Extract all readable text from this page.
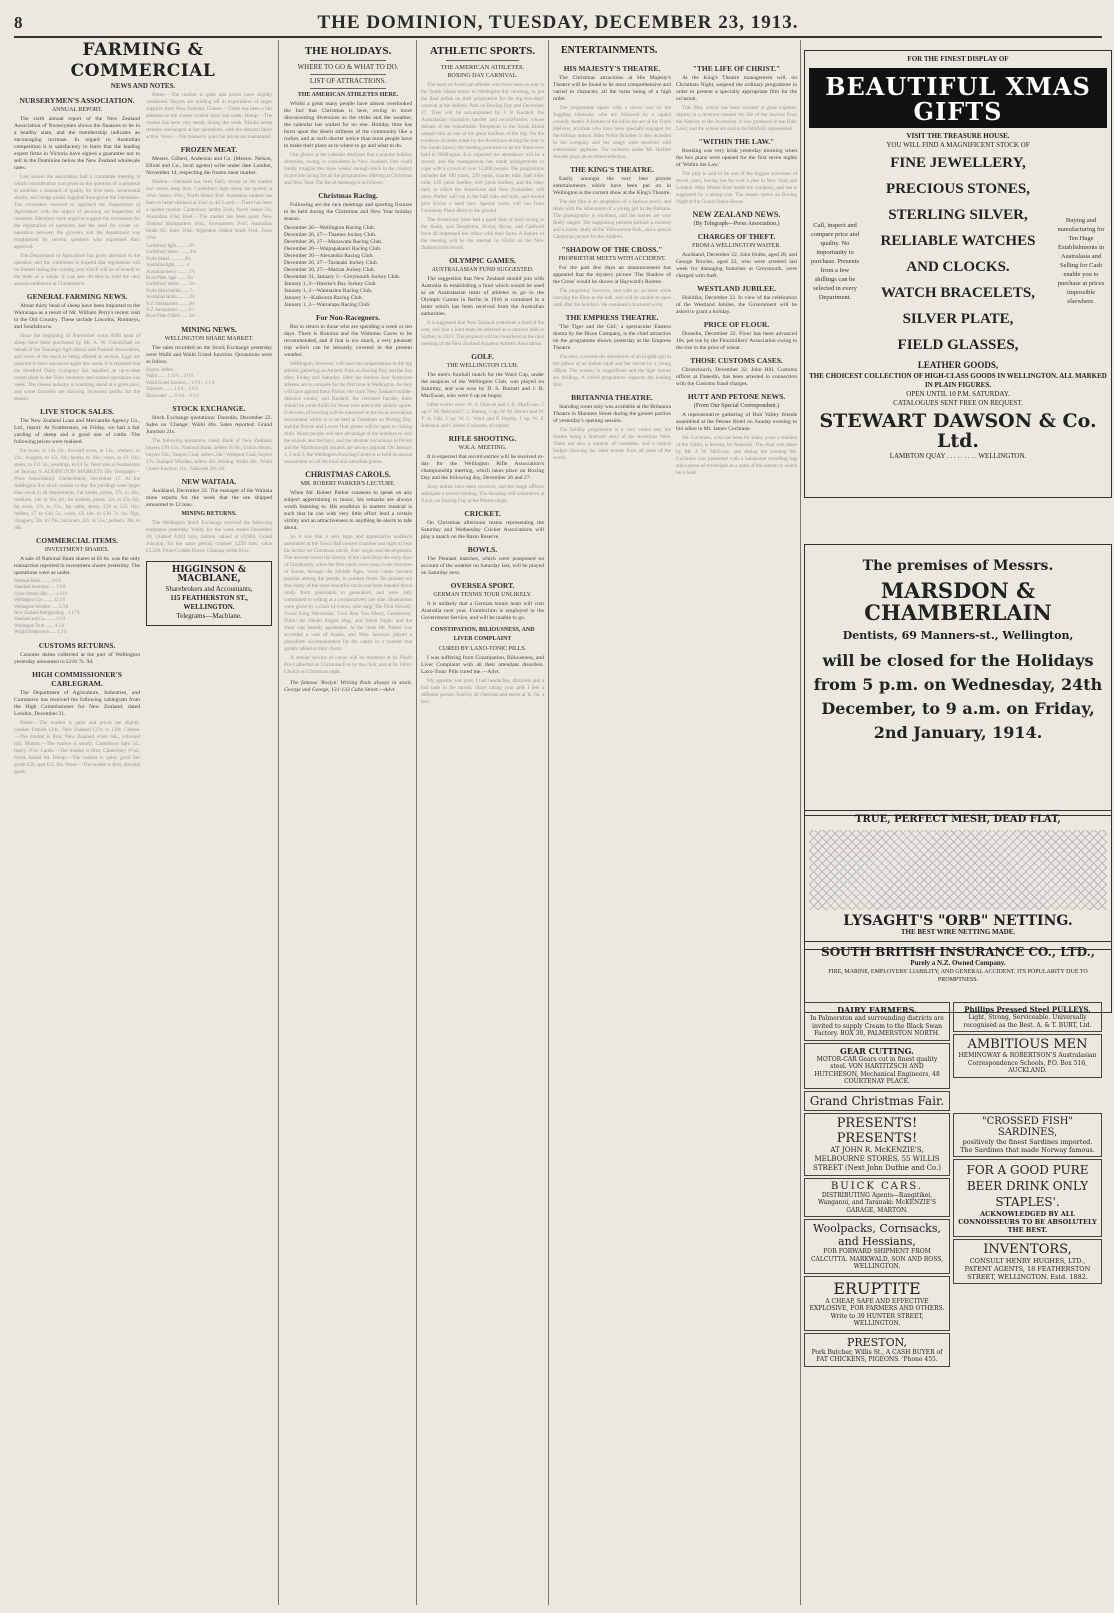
8	THE DOMINION, TUESDAY, DECEMBER 23, 1913.
FARMING & COMMERCIAL
NEWS AND NOTES.
NURSERYMEN'S ASSOCIATION.
ANNUAL REPORT.

The sixth annual report of the New Zealand Association of Nurserymen shows the finances to be in a healthy state, and the membership indicates an encouraging increase. In regard to Australian competition it is satisfactory to learn that the leading expert firms in Victoria have signed a guarantee not to sell in the Dominion below the New Zealand wholesale rates.

Last season the association had a committee meeting at which consideration was given to the question of a proposal to establish a standard of quality for fruit trees, ornamental shrubs, and hedge plants supplied throughout the Dominion. The committee resolved to approach the Department of Agriculture with the object of securing an inspection of nurseries. Members were urged to support the movement for the registration of nurseries, and the need for closer co-operation between the growers and the department was emphasised by several speakers who expressed their approval.

The Department of Agriculture has given attention to the question, and the committee is hopeful that regulations will be framed during the coming year which will be of benefit to the trade as a whole. It was also decided to hold the next annual conference at Christchurch.

GENERAL FARMING NEWS.

About thirty head of sheep have been imported to the Wairarapa as a result of Mr. William Perry's recent visit to the Old Country. These include Lincolns, Romneys, and Southdowns.

Since the beginning of September some 6000 head of sheep have been purchased by Mr. A. W. Carmichael on behalf of the Tauranga Agricultural and Pastoral Association, and some of the stock is being offered at auction. Eggs are reported to have advanced again this week. It is reported that the Stratford Dairy Company has installed an up-to-date cream plant in the Toko creamery and started operations last week. The cheese industry is booming ahead at a great pace, and some factories are showing increased profits for the season.

LIVE STOCK SALES.

The New Zealand Loan and Mercantile Agency Co., Ltd., report: At Featherston, on Friday, we had a fair yarding of sheep and a good one of cattle. The following prices were realised.

Fat ewes, to 14s. 6d.; forward ewes, to 12s.; wethers, to 21s.; hoggets, to 15s. 6d.; lambs, to 16s.; cows, to £9 10s.; steers, to £11 5s.; yearlings, to £4 5s. Next sale at Featherston on January 9. ADDINGTON MARKETS (By Telegraph—Press Association). Christchurch, December 17. At the Addington live stock market to-day the yardings were larger than usual in all departments. Fat lambs, prime, 17s. to 20s.; medium, 14s. to 16s. 6d.; fat wethers, prime, 22s. to 25s. 6d.; fat ewes, 17s. to 23s.; fat cattle, steers, £10 to £15 10s.; heifers, £7 to £10 5s.; cows, £6 10s. to £10 7s. 6d. Pigs, choppers, 50s. to 70s.; baconers, 42s. to 55s.; porkers, 30s. to 38s.

COMMERCIAL ITEMS.
INVESTMENT SHARES.

A sale of National Bank shares at £6 6s. was the only transaction reported in investment shares yesterday. The quotations were as under.

National Bank ......... 6 6 0
Standard Insurance ..... 2 0 0
Union Steam Ship ...... 1 13 6
Wellington Gas ......... 12 2 0
Wellington Woollen ...... 5 0 0
New Zealand Refrigerating .. 1 17 0
Sharland and Co. ........ 1 0 0
Wellington Trust ........ 4 5 0
Wright Stephenson ...... 1 2 0
CUSTOMS RETURNS.

Customs duties collected at the port of Wellington yesterday amounted to £210 7s. 9d.

HIGH COMMISSIONER'S CABLEGRAM.

The Department of Agriculture, Industries, and Commerce has received the following cablegram from the High Commissioner for New Zealand, dated London, December 21.

Butter.—The market is quiet and prices are slightly weaker. Danish 134s., New Zealand 127s. to 128s. Cheese.—The market is firm; New Zealand white 64s., coloured 63s. Mutton.—The market is steady; Canterbury light 5d., heavy 4½d. Lamb.—The market is firm; Canterbury 6½d.; North Island 6d. Hemp.—The market is quiet; good fair grade £26, spot £25 10s. Wool.—The market is firm, demand good.

Butter.—The market is quiet and prices have slightly weakened. Buyers are holding off in expectation of larger supplies from New Zealand. Cheese.—There has been a fair attention to the cheese market since last week. Hemp.—The market has been very steady during the week. Manila hemp remains unchanged at last quotations, with the demand fairly active. Wool.—The market is quiet but prices are maintained.

FROZEN MEAT.

Messrs. Gilbert, Anderson and Co. (Messrs. Nelson, Elliott and Co., local agents) write under date London, November 14, respecting the frozen meat market.

Mutton.—Demand has been fairly steady in the market and values keep firm. Canterbury light sheep are quoted at 4⅝d.; heavy 4⅜d.; North Island 4⅛d. Australian mutton has been in better demand at 3¾d. to 4d. Lamb.—There has been a quieter market. Canterbury lambs 5¼d.; North Island 5d.; Australian 4⅞d. Beef.—The market has been quiet; New Zealand hindquarters 4⅛d., forequarters 3½d.; Australian hinds 4d., fores 3⅜d.; Argentine chilled hinds 4¾d., fores 3⅝d.

Canterbury light .......... 4⅝
Canterbury heavy ......... 4⅜
North Island ............. 4⅛
Australian light .......... 4
Australian heavy ......... 3⅞
River Plate, light ........ 3¾
Canterbury lambs ........ 5¼
North Island lambs ....... 5
Australian lambs ......... 4⅞
N.Z. hindquarters ........ 4⅛
N.Z. forequarters ........ 3½
River Plate chilled ....... 4¾
MINING NEWS.
WELLINGTON SHARE MARKET.

The sales recorded on the Stock Exchange yesterday were Waihi and Waihi Grand Junction. Quotations were as follow.

Buyers. Sellers.
Waihi ........ 1 19 0 ... 2 0 6
Waihi Grand Junction ... 1 0 9 ... 1 1 6
Talisman ......... 1 8 0 ... 1 9 0
Blackwater ...... 0 4 0 ... 0 5 0
STOCK EXCHANGE.

Stock Exchange quotations: Dunedin, December 22. Sales on 'Change: Waihi 40s. Sales reported: Grand Junction 21s.

The following quotations ruled: Bank of New Zealand, buyers £10 15s.; National Bank, sellers £6 8s.; Union Steam, buyers 33s.; Taupiri Coal, sellers 24s.; Westport Coal, buyers 17s.; Kaiapoi Woollen, sellers 40s. Mining: Waihi 40s., Waihi Grand Junction 21s., Talisman 28s. 6d.

NEW WAITAIA.

Auckland, December 22. The manager of the Waitaia mine reports for the week that the ore shipped amounted to 12 tons.

MINING RETURNS.

The Wellington Stock Exchange received the following telegrams yesterday: Waihi, for the week ended December 20, crushed 4,041 tons, bullion valued at £9,960. Grand Junction, for the same period, crushed 3,220 tons, value £5,200. From Golden Dawn: Cleanup yields 81oz.

HIGGINSON & MACBLANE,
Sharebrokers and Accountants,
115 FEATHERSTON ST., WELLINGTON.
Telegrams—Macblane.
THE HOLIDAYS.
WHERE TO GO & WHAT TO DO.
LIST OF ATTRACTIONS.
THE AMERICAN ATHLETES HERE.

Whilst a great many people have almost overlooked the fact that Christmas is here, owing to more disconcerting diversions as the strike and the weather, the calendar has waited for no one. Holiday time has burst upon the desert stillness of the community like a rocket, and at such shorter notice than most people have to make their plans as to where to go and what to do.

One glance at the calendar discloses that a popular holiday diversion, racing, is considered in New Zealand. One could hardly imagine this three weeks' enough stock in the country to provide racing for all the programmes offering at Christmas and New Year. The list of meetings is as follows:

Christmas Racing.

Following are the race meetings and sporting fixtures to be held during the Christmas and New Year holiday season.

December 26—Wellington Racing Club.
December 26, 27—Thames Jockey Club.
December 26, 27—Manawatu Racing Club.
December 26—Waipapakauri Racing Club.
December 26—Alexandra Racing Club.
December 26, 27—Taranaki Jockey Club.
December 26, 27—Marton Jockey Club.
December 31, January 1—Greymouth Jockey Club.
January 1, 2—Hawke's Bay Jockey Club.
January 1, 2—Waimarino Racing Club.
January 1—Kaikoura Racing Club.
January 1, 2—Wairarapa Racing Club.
For Non-Racegoers.

But to return to those who are spending a week or ten days. There is Rotorua and the Waitomo Caves to be recommended, and if that is too much, a very pleasant trip which can be leisurely covered in the present weather.

Wellington, however, will have its compensation in the big athletic gathering on Athletic Park on Boxing Day and the day after, Friday and Saturday. Here the famous four American athletes are to compete for the first time in Wellington. As they will have against them Parker, the crack New Zealand middle-distance runner, and Keddell, the cleverest hurdler, there should be some thrills for those who attend the athletic sports. Followers of bowling will be interested in the local association tournament which is to be held at Trentham on Boxing Day, and the Petone and Lower Hutt greens will be open to visiting rinks. Many people will take advantage of the holidays to visit the sounds and the bays, and the steamer excursions to Picton and the Marlborough Sounds are always popular. On January 1, 2 and 3, the Wellington Bowling Centre is to hold its annual tournament on all the local and suburban greens.

CHRISTMAS CAROLS.
MR. ROBERT PARKER'S LECTURE.

When Mr. Robert Parker consents to speak on any subject appertaining to music, his remarks are always worth listening to. His erudition in matters musical is such that he can with very little effort lend a certain virility and an attractiveness to anything he elects to talk about.

So it was that a very large and appreciative audience assembled at the Town Hall concert chamber last night to hear his lecture on Christmas carols, their origin and development. The lecturer traced the history of the carol from the early days of Christianity, when the first carols were sung in the churches of Rome, through the Middle Ages, when carols became popular among the people, to modern times. He pointed out that many of the most beautiful carols had been handed down orally from generation to generation, and were only committed to writing at a comparatively late date. Illustrations were given by a choir of voices, who sang 'The First Nowell,' 'Good King Wenceslas,' 'God Rest You Merry, Gentlemen,' 'Hark! the Herald Angels Sing,' and 'Silent Night,' and the choir was heartily applauded. At the close Mr. Parker was accorded a vote of thanks, and Miss Jameson played a pianoforte accompaniment for the carols in a manner that greatly added to their charm.

A similar service of carols will be rendered at St. Paul's Pro-Cathedral on Christmas Eve by the choir, and at St. John's Church on Christmas night.

The famous 'Roslyn' Writing Pads always in stock. George and George, 131-133 Cuba Street.—Advt.

ATHLETIC SPORTS.
THE AMERICAN ATHLETES.
BOXING DAY CARNIVAL.

The team of American athletes who have been on tour in the South Island return to Wellington this morning, to put the final polish on their preparation for the big two-days' carnival at the Athletic Park on Boxing Day and December 27. They will be accompanied by J. P. Keddell, the Australasian champion hurdler and record-holder, whose defeats of the redoubtable Templeton in the South Island sample him as one of the great hurdlers of the day. On the evidence of times made by the Americans during the tour in the South Island, the meeting promises to be the finest ever held in Wellington. It is expected the attendance will be a record, and the management has made arrangements to cope with a crowd of over 12,000 people. The programme includes the 100 yards, 220 yards, quarter mile, half mile, mile, 120 yards hurdles, 440 yards hurdles, and the relay race, in which the Americans and New Zealanders will meet. Parker will run in the half mile and mile, and should give Kiviat a hard race. Special trams will run from Courtenay Place direct to the ground.

The Americans have had a good deal of hard racing in the South, and Templeton, Kiviat, Berna, and Caldwell have all impressed the critics with their form. A feature of the meeting will be the attempt by Kiviat on the New Zealand mile record.

OLYMPIC GAMES.
AUSTRALASIAN FUND SUGGESTED.

The suggestion that New Zealand should join with Australia in establishing a fund which would be used as an Australasian team of athletes to go to the Olympic Games in Berlin in 1916 is contained in a letter which has been received from the Australian authorities.

It is suggested that New Zealand contribute a third of the cost, and that a joint team be selected at a carnival held in Sydney in 1915. The proposal will be considered at the next meeting of the New Zealand Amateur Athletic Association.

GOLF.
THE WELLINGTON CLUB.

The men's fourball match for the Ward Cup, under the auspices of the Wellington Club, was played on Saturday, and was won by D. S. Burnett and J. B. MacEwan, who were 6 up on bogey.

Other scores were: W. S. Duncan and J. B. MacEwan, 5 up; F. M. Reid and C. J. Rattray, 3 up; W. M. Hector and W. T. A. Gill, 2 up; W. C. Ward and P. Bayley, 1 up; W. F. Johnston and Colonel Cochrane, all square.

RIFLE SHOOTING.
W.R.A. MEETING.

It is expected that record entries will be received to-day for the Wellington Rifle Association's championship meeting, which takes place on Boxing Day and the following day, December 26 and 27.

Sixty entries have been received, and the range officers anticipate a record meeting. The shooting will commence at 9 a.m. on Boxing Day at the Petone range.

CRICKET.

On Christmas afternoon teams representing the Saturday and Wednesday Cricket Associations will play a match on the Basin Reserve.

BOWLS.

The Pennant matches, which were postponed on account of the weather on Saturday last, will be played on Saturday next.

OVERSEA SPORT.
GERMAN TENNIS TOUR UNLIKELY.

It is unlikely that a German tennis team will visit Australia next year. Frontiechim is employed in the Government Service, and will be unable to go.

CONSTIPATION, BILIOUSNESS, AND LIVER COMPLAINT
CURED BY LAXO-TONIC PILLS.

I was suffering from Constipation, Biliousness, and Liver Complaint with all their attendant disorders. Laxo-Tonic Pills cured me.—Advt.

My appetite was poor, I had headaches, dizziness and a bad taste in the mouth. Since taking your pills I feel a different person. Sold by all chemists and stores at 1s. 6d. a box.

ENTERTAINMENTS.
HIS MAJESTY'S THEATRE.

The Christmas attractions at His Majesty's Theatre will be found to be most comprehensive and varied in character, all the turns being of a high order.

The programme opens with a clever turn by the Juggling Johnsons, who are followed by a capital comedy sketch. A feature of the bill is the act of the Three Melvins, acrobats who have been specially engaged for the holiday season. Miss Nellie Bramley is also included in the company and her songs were received with enthusiastic applause. The orchestra under Mr. Herbert Bourke plays an excellent selection.

THE KING'S THEATRE.

Easily amongst the very best picture entertainments which have been put on in Wellington is the current show at the King's Theatre.

The star film is an adaptation of a famous novel, and deals with the adventures of a young girl in the Balkans. The photography is excellent, and the scenes are very finely staged. The supporting pictures include a comedy and a scenic study of the Yellowstone Park, and a special Christmas picture for the children.

"SHADOW OF THE CROSS."
PROPRIETOR MEETS WITH ACCIDENT.

For the past few days an announcement has appeared that the mystery picture 'The Shadow of the Cross' would be shown at Hayward's Rooms.

The proprietor, however, met with an accident while carrying the films to the hall, and will be unable to open until after the holidays. He sustained a fractured wrist.

THE EMPRESS THEATRE.

'The Tiger and the Girl,' a spectacular Eastern drama by the Bison Company, is the chief attraction on the programme shown yesterday at the Empress Theatre.

The story concerns the adventures of an English girl in the palace of an Indian rajah and her rescue by a young officer. The scenery is magnificent and the tiger scenes are thrilling. A varied programme supports the leading film.

BRITANNIA THEATRE.

Standing room only was available at the Britannia Theatre in Manners Street during the greater portion of yesterday's opening session.

The holiday programme is a very varied one, the feature being a dramatic story of the American West. There are also a number of comedies, and a topical budget showing the latest events from all parts of the world.

"THE LIFE OF CHRIST."

At the King's Theatre management will, on Christmas Night, suspend the ordinary programme in order to present a specially appropriate film for the occasion.

This film, which has been secured at great expense, depicts in a reverent manner the life of the Saviour from the Nativity to the Ascension. It was produced in the Holy Land, and the scenes are said to be faithfully represented.

"WITHIN THE LAW."

Booking was very brisk yesterday morning when the box plans were opened for the first seven nights of 'Within the Law.'

The play is said to be one of the biggest successes of recent years, having run for over a year in New York and London. Miss Muriel Starr heads the company, and she is supported by a strong cast. The season opens on Boxing Night at the Grand Opera House.

NEW ZEALAND NEWS.
(By Telegraph—Press Association.)
CHARGES OF THEFT.
FROM A WELLINGTON WAITER.

Auckland, December 22. John Hulbs, aged 28, and George Bowles, aged 22, who were arrested last week for damaging branches at Greymouth, were charged with theft.

WESTLAND JUBILEE.

Hokitika, December 22. In view of the celebration of the Westland Jubilee, the Government will be asked to grant a holiday.

PRICE OF FLOUR.

Dunedin, December 22. Flour has been advanced 10s. per ton by the Flourmillers' Association owing to the rise in the price of wheat.

THOSE CUSTOMS CASES.

Christchurch, December 22. John Hill, Customs officer at Dunedin, has been arrested in connection with the Customs fraud charges.

HUTT AND PETONE NEWS.
(From Our Special Correspondent.)

A representative gathering of Hutt Valley friends assembled at the Petone Hotel on Sunday evening to bid adieu to Mr. James Cochrane.

Mr. Cochrane, who has been for many years a resident of the Valley, is leaving for Australia. The chair was taken by Mr. J. W. McEwan, and during the evening Mr. Cochrane was presented with a handsome travelling bag and a purse of sovereigns as a mark of the esteem in which he is held.

FOR THE FINEST DISPLAY OF
BEAUTIFUL XMAS GIFTS
VISIT THE TREASURE HOUSE.
YOU WILL FIND A MAGNIFICENT STOCK OF
Call, inspect and compare price and quality. No importunity to purchase. Presents from a few shillings can be selected in every Department.
FINE JEWELLERY,
PRECIOUS STONES,
STERLING SILVER,
RELIABLE WATCHES
AND CLOCKS.
WATCH BRACELETS,
SILVER PLATE,
FIELD GLASSES,
LEATHER GOODS,
Buying and manufacturing for Ten Huge Establishments in Australasia and Selling for Cash enable you to purchase at prices impossible elsewhere.
THE CHOICEST COLLECTION OF HIGH-CLASS GOODS IN WELLINGTON. ALL MARKED IN PLAIN FIGURES.
OPEN UNTIL 10 P.M. SATURDAY.
CATALOGUES SENT FREE ON REQUEST.
STEWART DAWSON & Co. Ltd.
LAMBTON QUAY . . . . . . . . . WELLINGTON.
The premises of Messrs.
MARSDON & CHAMBERLAIN
Dentists, 69 Manners-st., Wellington,
will be closed for the Holidays
from 5 p.m. on Wednesday, 24th
December, to 9 a.m. on Friday,
2nd January, 1914.
TRUE, PERFECT MESH, DEAD FLAT,
LYSAGHT'S "ORB" NETTING.
THE BEST WIRE NETTING MADE.
SOUTH BRITISH INSURANCE CO., LTD.,
Purely a N.Z. Owned Company.
FIRE, MARINE, EMPLOYERS' LIABILITY, AND GENERAL ACCIDENT. ITS POPULARITY DUE TO PROMPTNESS.
DAIRY FARMERS.
In Palmerston and surrounding districts are invited to supply Cream to the Black Swan Factory. BOX 30, PALMERSTON NORTH.
GEAR CUTTING.
MOTOR-CAR Gears cut in finest quality steel. VON HARTITZSCH AND HUTCHESON, Mechanical Engineers, 48 COURTENAY PLACE.
Grand Christmas Fair.
Phillips Pressed Steel PULLEYS.
Light, Strong, Serviceable. Universally recognised as the Best. A. & T. BURT, Ltd.
AMBITIOUS MEN
HEMINGWAY & ROBERTSON'S Australasian Correspondence Schools, P.O. Box 516, AUCKLAND.
PRESENTS! PRESENTS!
AT JOHN R. McKENZIE'S, MELBOURNE STORES, 55 WILLIS STREET (Next John Duthie and Co.)
BUICK CARS.
DISTRIBUTING Agents—Rangitikei, Wanganui, and Taranaki: McKENZIE'S GARAGE, MARTON.
Woolpacks, Cornsacks, and Hessians,
FOR FORWARD SHIPMENT FROM CALCUTTA. MARKWALD, SON AND ROSS, WELLINGTON.
ERUPTITE
A CHEAP, SAFE AND EFFECTIVE EXPLOSIVE, FOR FARMERS AND OTHERS. Write to 39 HUNTER STREET, WELLINGTON.
PRESTON,
Pork Butcher, Willis St., A CASH BUYER of FAT CHICKENS, PIGEONS. 'Phone 455.
"CROSSED FISH" SARDINES,
positively the finest Sardines imported. The Sardines that made Norway famous.
FOR A GOOD PURE BEER DRINK ONLY STAPLES'.
ACKNOWLEDGED BY ALL CONNOISSEURS TO BE ABSOLUTELY THE BEST.
INVENTORS,
CONSULT HENRY HUGHES, LTD., PATENT AGENTS, 18 FEATHERSTON STREET, WELLINGTON. Estd. 1882.
